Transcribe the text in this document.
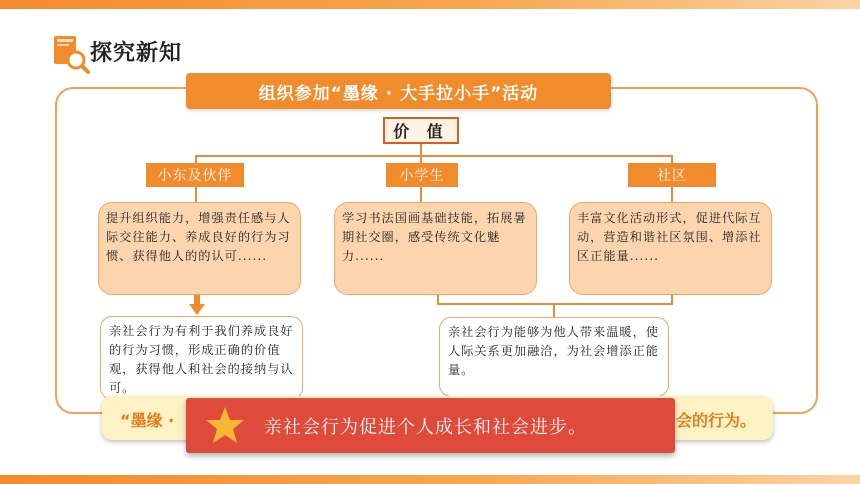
探究新知
组织参加“墨缘 · 大手拉小手”活动
价 值
小东及伙伴	小学生	社区
提升组织能力，增强责任感与人际交往能力、养成良好的行为习惯、获得他人的的认可......
学习书法国画基础技能，拓展暑期社交圈，感受传统文化魅力......
丰富文化活动形式，促进代际互动，营造和谐社区氛围、增添社区正能量......
亲社会行为有利于我们养成良好的行为习惯，形成正确的价值观，获得他人和社会的接纳与认可。
亲社会行为能够为他人带来温暖，使人际关系更加融洽，为社会增添正能量。
“墨缘 ·	会的行为。
亲社会行为促进个人成长和社会进步。
